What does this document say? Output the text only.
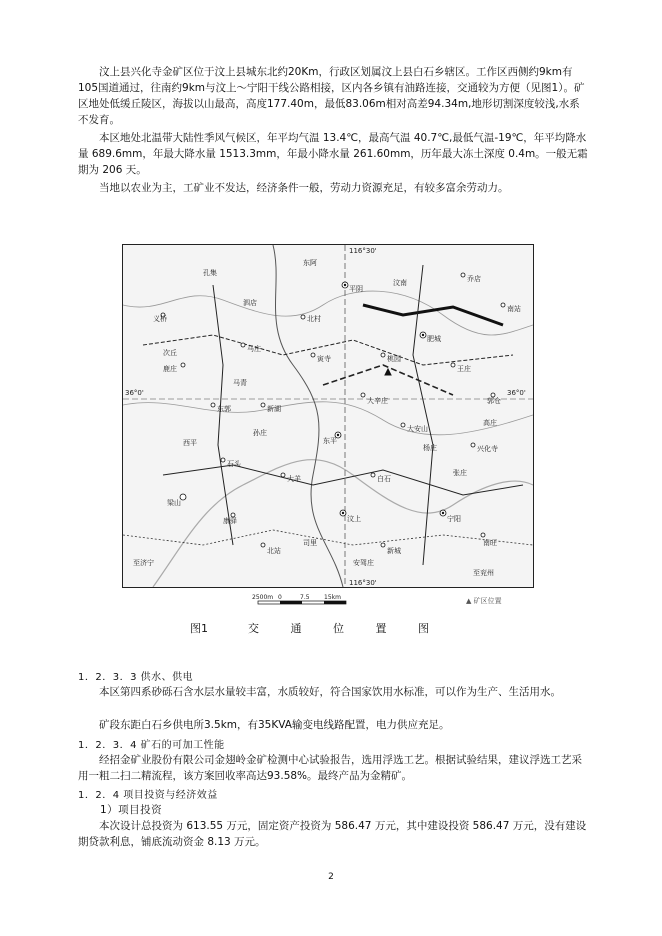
汶上县兴化寺金矿区位于汶上县城东北约20Km，行政区划属汶上县白石乡辖区。工作区西侧约9km有105国道通过，往南约9km与汶上～宁阳干线公路相接，区内各乡镇有油路连接，交通较为方便（见图1）。矿区地处低缓丘陵区，海拔以山最高，高度177.40m，最低83.06m相对高差94.34m,地形切割深度较浅,水系不发育。

本区地处北温带大陆性季风气候区，年平均气温 13.4℃，最高气温 40.7℃,最低气温-19℃，年平均降水量 689.6mm，年最大降水量 1513.3mm，年最小降水量 261.60mm，历年最大冻土深度 0.4m。一般无霜期为 206 天。

当地以农业为主，工矿业不发达，经济条件一般，劳动力资源充足，有较多富余劳动力。

116°30'
116°30'
36°0'	36°0'
平阴
肥城
东平
汶上	宁阳
梁山
北村
马庄
桃园
王庄
东郭	新湖
大安山
兴化寺
石头
大羊	白石
郭仓
鹿庄
义桥
乔店
南站
北站	新城
南旺
康驿
寅寺
大辛庄
次丘
西平
孙庄
杨庄
张庄
司里
安驾庄
泗店
汶南
东阿
孔集
马青
高庄
至济宁
至兖州
2500m 0	7.5 15km	▲ 矿区位置
图1	交 通 位 置 图
1．2．3．3 供水、供电

本区第四系砂砾石含水层水量较丰富，水质较好，符合国家饮用水标准，可以作为生产、生活用水。

矿段东距白石乡供电所3.5km，有35KVA输变电线路配置，电力供应充足。

1．2．3．4 矿石的可加工性能

经招金矿业股份有限公司金翅岭金矿检测中心试验报告，选用浮选工艺。根据试验结果，建议浮选工艺采用一粗二扫二精流程，该方案回收率高达93.58%。最终产品为金精矿。

1．2．4 项目投资与经济效益
1）项目投资

本次设计总投资为 613.55 万元，固定资产投资为 586.47 万元，其中建设投资 586.47 万元，没有建设期贷款利息，铺底流动资金 8.13 万元。

2
